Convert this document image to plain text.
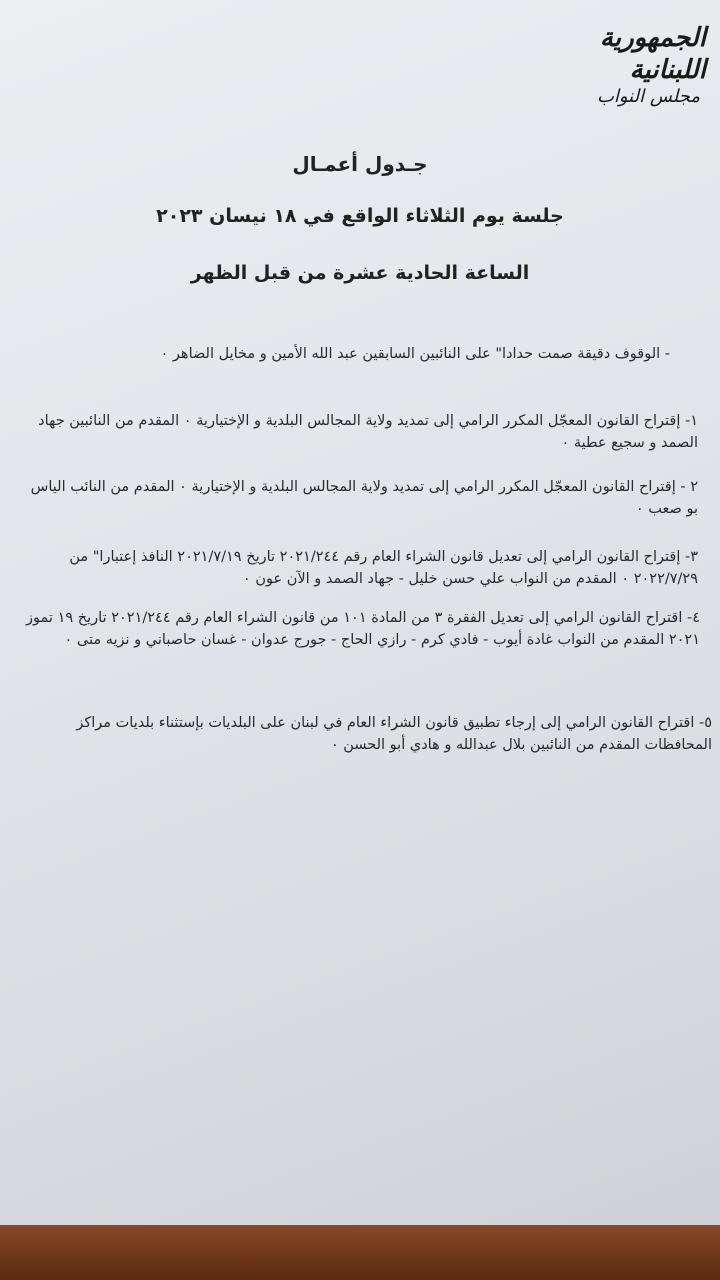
الجمهورية اللبنانية
مجلس النواب
جـدول أعمـال
جلسة يوم الثلاثاء الواقع في ١٨ نيسان ٢٠٢٣
الساعة الحادية عشرة من قبل الظهر
- الوقوف دقيقة صمت حدادا" على النائبين السابقين عبد الله الأمين و مخايل الضاهر ٠
١- إقتراح القانون المعجّل المكرر الرامي إلى تمديد ولاية المجالس البلدية و الإختيارية ٠ المقدم من النائبين جهاد الصمد و سجيع عطية ٠
٢ - إقتراح القانون المعجّل المكرر الرامي إلى تمديد ولاية المجالس البلدية و الإختيارية ٠ المقدم من النائب الياس بو صعب ٠
٣- إقتراح القانون الرامي إلى تعديل قانون الشراء العام رقم ٢٠٢١/٢٤٤ تاريخ ٢٠٢١/٧/١٩ النافذ إعتبارا" من ٢٠٢٢/٧/٢٩ ٠ المقدم من النواب علي حسن خليل - جهاد الصمد و الآن عون ٠
٤- اقتراح القانون الرامي إلى تعديل الفقرة ٣ من المادة ١٠١ من قانون الشراء العام رقم ٢٠٢١/٢٤٤ تاريخ ١٩ تموز ٢٠٢١ المقدم من النواب غادة أيوب - فادي كرم - رازي الحاج - جورج عدوان - غسان حاصباني و نزيه متى ٠
٥- اقتراح القانون الرامي إلى إرجاء تطبيق قانون الشراء العام في لبنان على البلديات بإستثناء بلديات مراكز المحافظات المقدم من النائبين بلال عبدالله و هادي أبو الحسن ٠
